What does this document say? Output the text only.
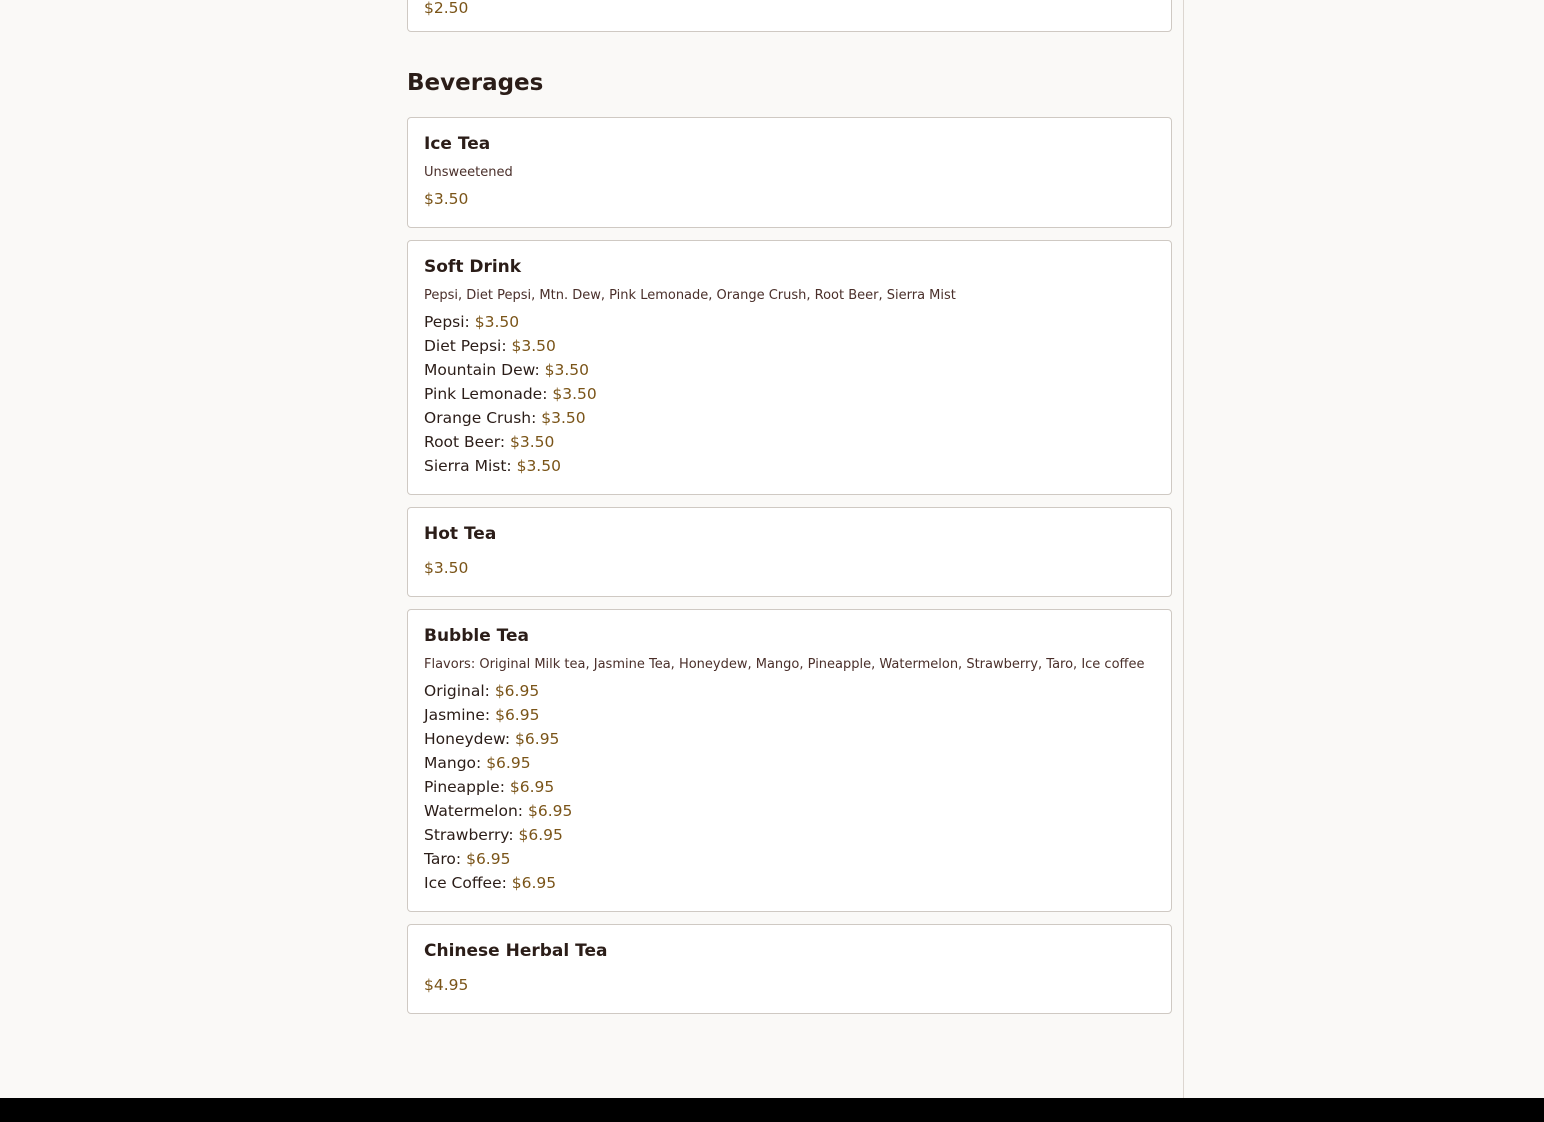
$2.50
Beverages
Ice Tea
Unsweetened
$3.50
Soft Drink
Pepsi, Diet Pepsi, Mtn. Dew, Pink Lemonade, Orange Crush, Root Beer, Sierra Mist
Pepsi: $3.50
Diet Pepsi: $3.50
Mountain Dew: $3.50
Pink Lemonade: $3.50
Orange Crush: $3.50
Root Beer: $3.50
Sierra Mist: $3.50
Hot Tea
$3.50
Bubble Tea
Flavors: Original Milk tea, Jasmine Tea, Honeydew, Mango, Pineapple, Watermelon, Strawberry, Taro, Ice coffee
Original: $6.95
Jasmine: $6.95
Honeydew: $6.95
Mango: $6.95
Pineapple: $6.95
Watermelon: $6.95
Strawberry: $6.95
Taro: $6.95
Ice Coffee: $6.95
Chinese Herbal Tea
$4.95
